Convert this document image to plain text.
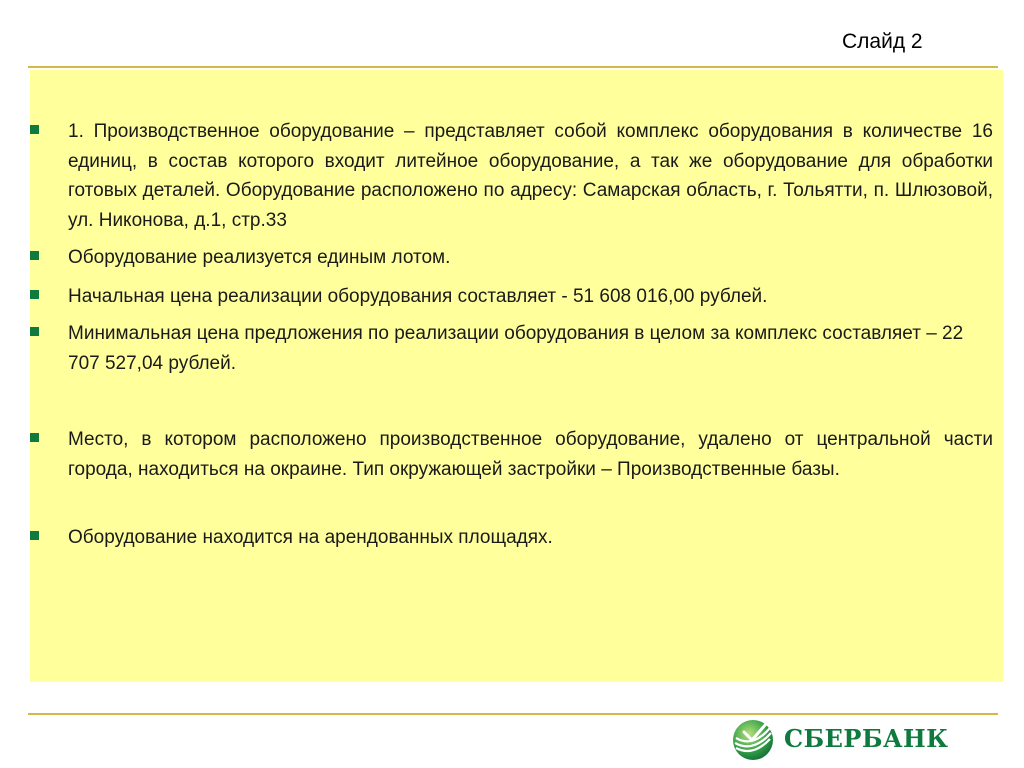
Слайд 2
1. Производственное оборудование – представляет собой комплекс оборудования в количестве 16 единиц, в состав которого входит литейное оборудование, а так же оборудование для обработки готовых деталей. Оборудование расположено по адресу: Самарская область, г. Тольятти, п. Шлюзовой, ул. Никонова, д.1, стр.33
Оборудование реализуется единым лотом.
Начальная цена реализации оборудования составляет - 51 608 016,00 рублей.
Минимальная цена предложения по реализации оборудования в целом за комплекс составляет – 22 707 527,04 рублей.
Место, в котором расположено производственное оборудование, удалено от центральной части города, находиться на окраине. Тип окружающей застройки – Производственные базы.
Оборудование находится на арендованных площадях.
СБЕРБАНК
